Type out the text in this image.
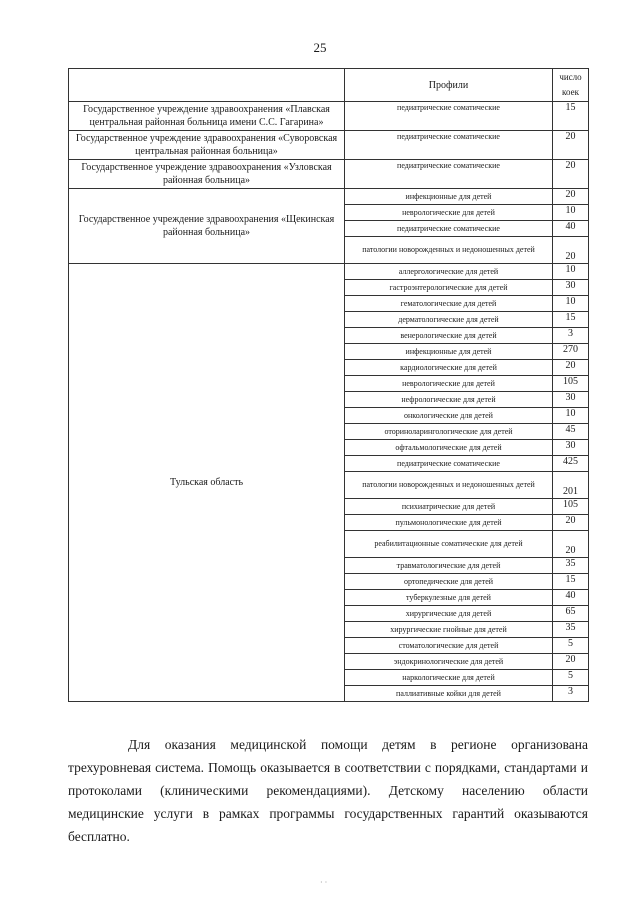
25
	Профили	число коек
Государственное учреждение здравоохранения «Плавская центральная районная больница имени С.С. Гагарина»	педиатрические соматические	15
Государственное учреждение здравоохранения «Суворовская центральная районная больница»	педиатрические соматические	20
Государственное учреждение здравоохранения «Узловская районная больница»	педиатрические соматические	20
Государственное учреждение здравоохранения «Щекинская районная больница»	инфекционные для детей	20
	неврологические для детей	10
	педиатрические соматические	40
	патологии новорожденных и недоношенных детей	20
Тульская область	аллергологические для детей	10
	гастроэнтерологические для детей	30
	гематологические для детей	10
	дерматологические для детей	15
	венерологические для детей	3
	инфекционные для детей	270
	кардиологические для детей	20
	неврологические для детей	105
	нефрологические для детей	30
	онкологические для детей	10
	оториноларингологические для детей	45
	офтальмологические для детей	30
	педиатрические соматические	425
	патологии новорожденных и недоношенных детей	201
	психиатрические для детей	105
	пульмонологические для детей	20
	реабилитационные соматические для детей	20
	травматологические для детей	35
	ортопедические для детей	15
	туберкулезные для детей	40
	хирургические для детей	65
	хирургические гнойные для детей	35
	стоматологические для детей	5
	эндокринологические для детей	20
	наркологические для детей	5
	паллиативные койки для детей	3
Для оказания медицинской помощи детям в регионе организована трехуровневая система. Помощь оказывается в соответствии с порядками, стандартами и протоколами (клиническими рекомендациями). Детскому населению области медицинские услуги в рамках программы государственных гарантий оказываются бесплатно.
· ·
